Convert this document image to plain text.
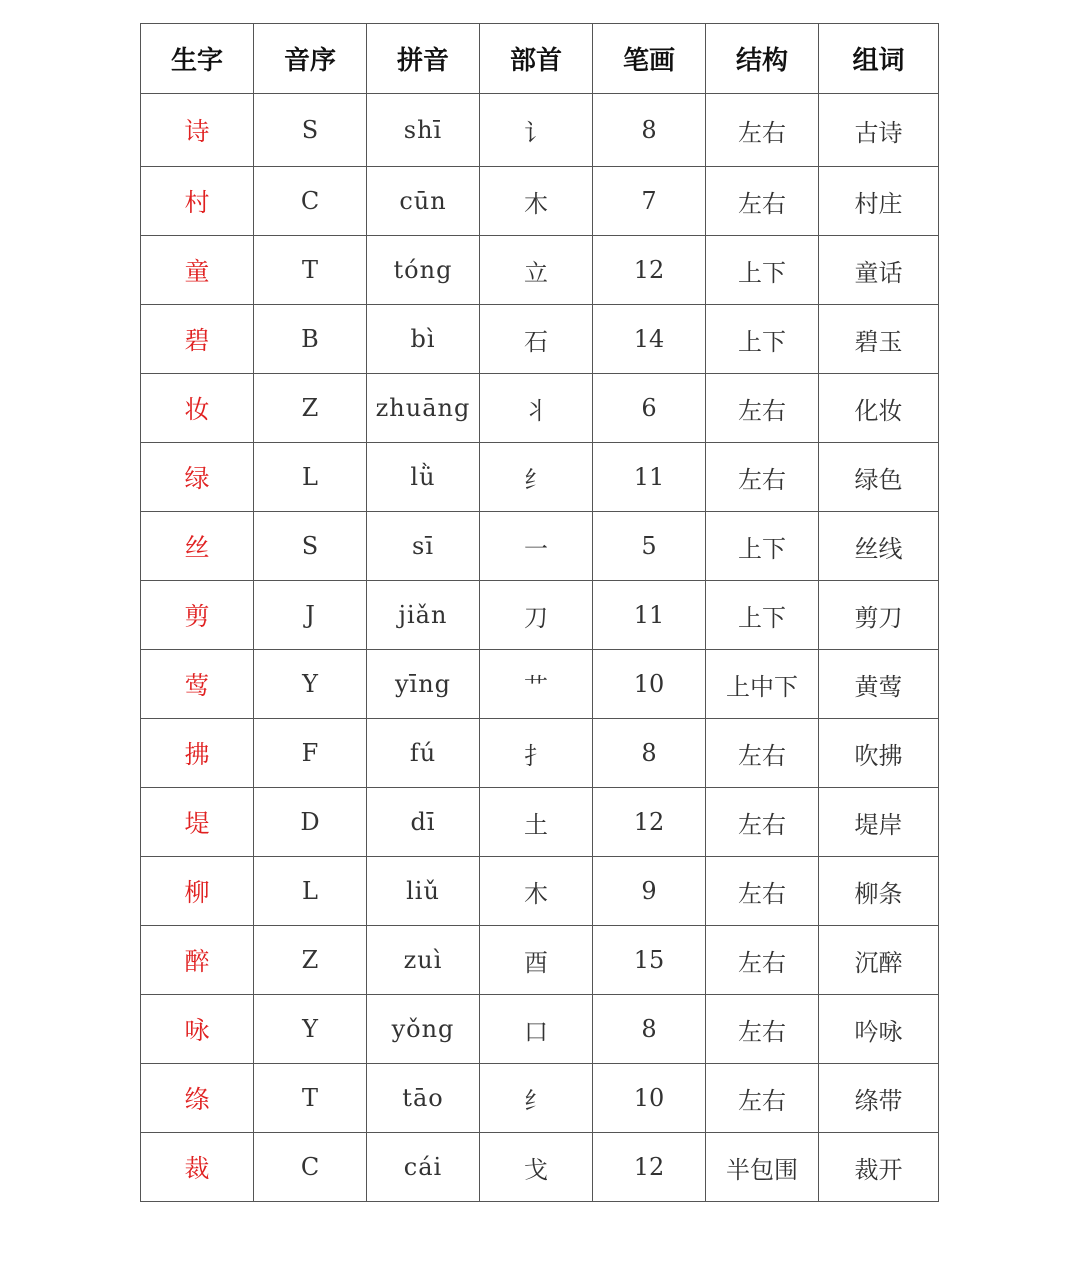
生字	音序	拼音	部首	笔画	结构	组词
诗	S	shī	讠	8	左右	古诗
村	C	cūn	木	7	左右	村庄
童	T	tóng	立	12	上下	童话
碧	B	bì	石	14	上下	碧玉
妆	Z	zhuāng	丬	6	左右	化妆
绿	L	lǜ	纟	11	左右	绿色
丝	S	sī	一	5	上下	丝线
剪	J	jiǎn	刀	11	上下	剪刀
莺	Y	yīng	艹	10	上中下	黄莺
拂	F	fú	扌	8	左右	吹拂
堤	D	dī	土	12	左右	堤岸
柳	L	liǔ	木	9	左右	柳条
醉	Z	zuì	酉	15	左右	沉醉
咏	Y	yǒng	口	8	左右	吟咏
绦	T	tāo	纟	10	左右	绦带
裁	C	cái	戈	12	半包围	裁开
